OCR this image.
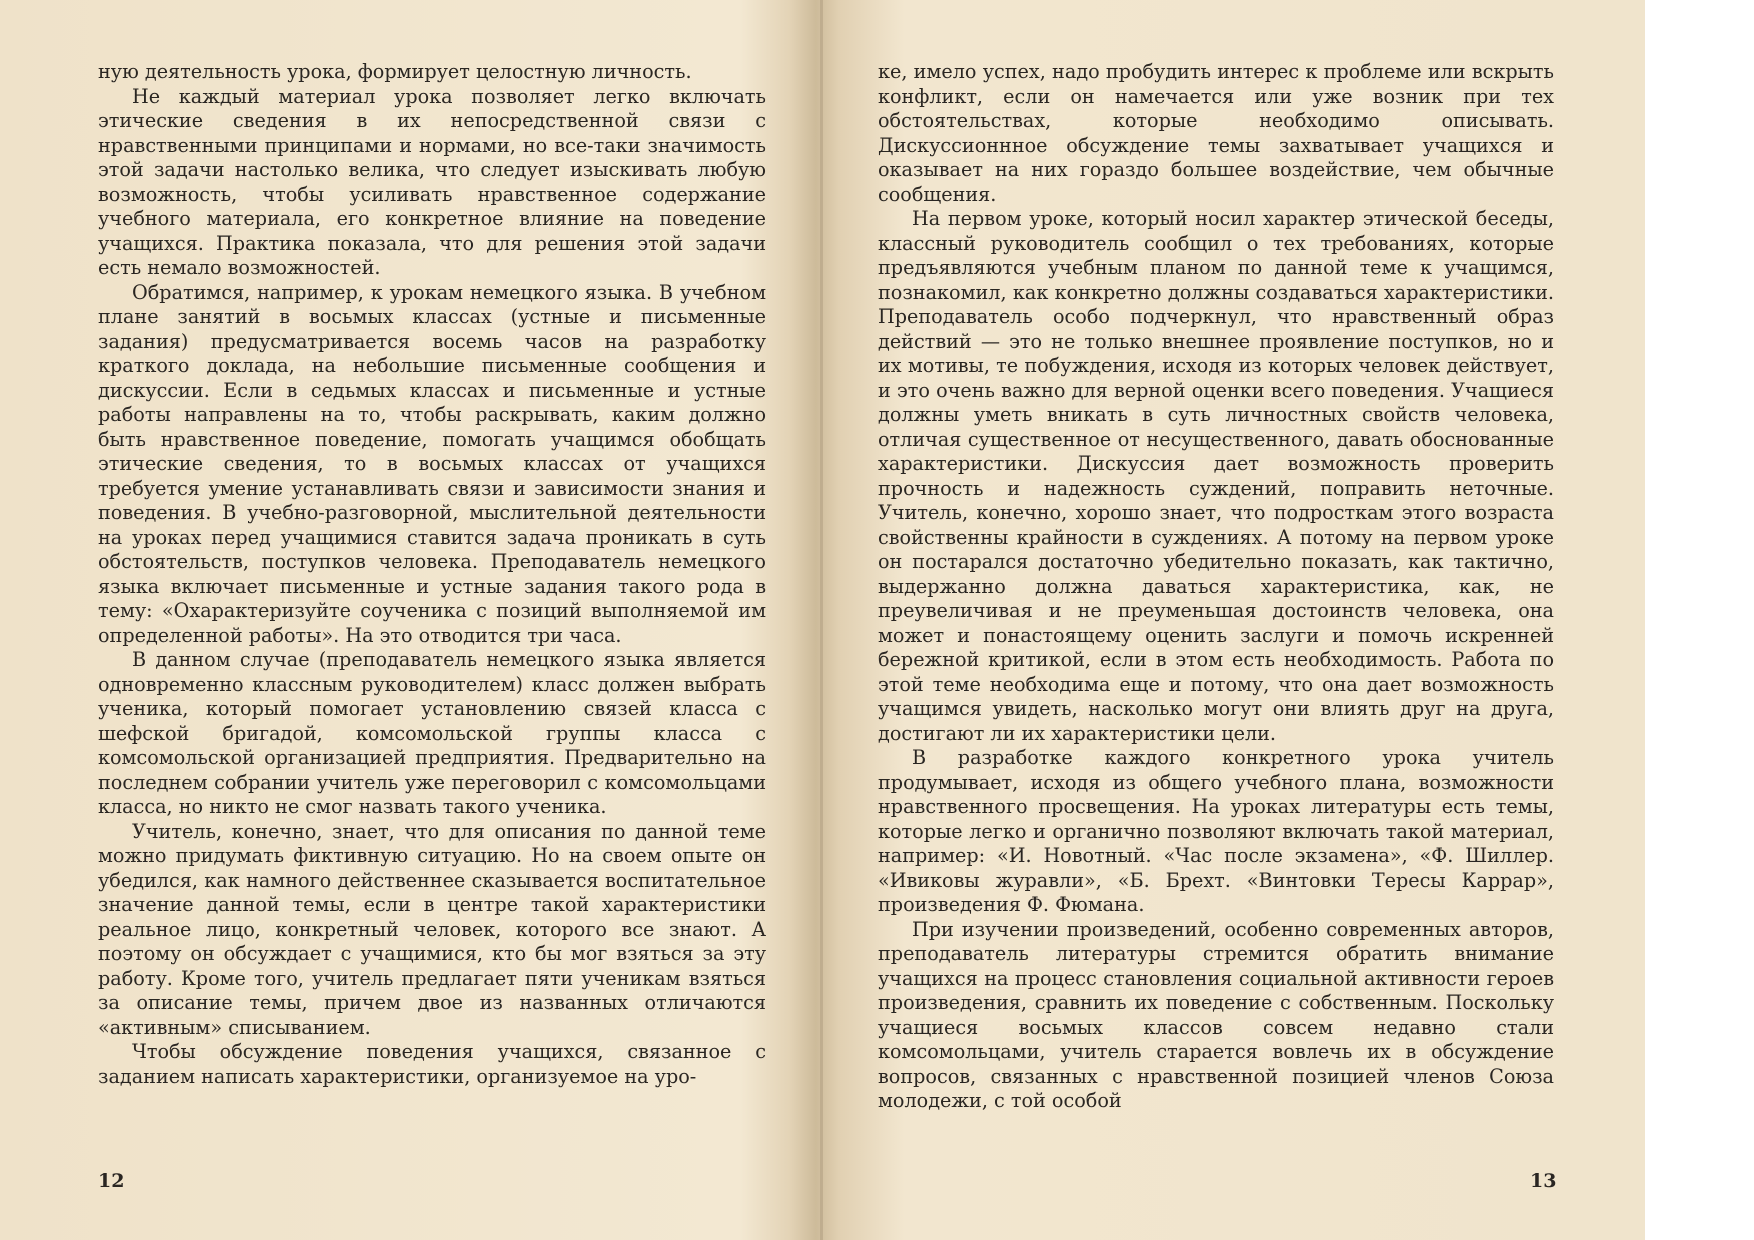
ную деятельность урока, формирует целостную личность.

Не каждый материал урока позволяет легко включать этические сведения в их непосредственной связи с нравственными принципами и нормами, но все-таки значимость этой задачи настолько велика, что следует изыскивать любую возможность, чтобы усиливать нравственное содержание учебного материала, его конкретное влияние на поведение учащихся. Практика показала, что для решения этой задачи есть немало возможностей.

Обратимся, например, к урокам немецкого языка. В учебном плане занятий в восьмых классах (устные и письменные задания) предусматривается восемь часов на разработку краткого доклада, на небольшие письменные сообщения и дискуссии. Если в седьмых классах и письменные и устные работы направлены на то, чтобы раскрывать, каким должно быть нравственное поведение, помогать учащимся обобщать этические сведения, то в восьмых классах от учащихся требуется умение устанавливать связи и зависимости знания и поведения. В учебно-разговорной, мыслительной деятельности на уроках перед учащимися ставится задача проникать в суть обстоятельств, поступков человека. Преподаватель немецкого языка включает письменные и устные задания такого рода в тему: «Охарактеризуйте соученика с позиций выполняемой им определенной работы». На это отводится три часа.

В данном случае (преподаватель немецкого языка является одновременно классным руководителем) класс должен выбрать ученика, который помогает установлению связей класса с шефской бригадой, комсомольской группы класса с комсомольской организацией предприятия. Предварительно на последнем собрании учитель уже переговорил с комсомольцами класса, но никто не смог назвать такого ученика.

Учитель, конечно, знает, что для описания по данной теме можно придумать фиктивную ситуацию. Но на своем опыте он убедился, как намного действеннее сказывается воспитательное значение данной темы, если в центре такой характеристики реальное лицо, конкретный человек, которого все знают. А поэтому он обсуждает с учащимися, кто бы мог взяться за эту работу. Кроме того, учитель предлагает пяти ученикам взяться за описание темы, причем двое из названных отличаются «активным» списыванием.

Чтобы обсуждение поведения учащихся, связанное с заданием написать характеристики, организуемое на уро-

12

ке, имело успех, надо пробудить интерес к проблеме или вскрыть конфликт, если он намечается или уже возник при тех обстоятельствах, которые необходимо описывать. Дискуссионнное обсуждение темы захватывает учащихся и оказывает на них гораздо большее воздействие, чем обычные сообщения.

На первом уроке, который носил характер этической беседы, классный руководитель сообщил о тех требованиях, которые предъявляются учебным планом по данной теме к учащимся, познакомил, как конкретно должны создаваться характеристики. Преподаватель особо подчеркнул, что нравственный образ действий — это не только внешнее проявление поступков, но и их мотивы, те побуждения, исходя из которых человек действует, и это очень важно для верной оценки всего поведения. Учащиеся должны уметь вникать в суть личностных свойств человека, отличая существенное от несущественного, давать обоснованные характеристики. Дискуссия дает возможность проверить прочность и надежность суждений, поправить неточные. Учитель, конечно, хорошо знает, что подросткам этого возраста свойственны крайности в суждениях. А потому на первом уроке он постарался достаточно убедительно показать, как тактично, выдержанно должна даваться характеристика, как, не преувеличивая и не преуменьшая достоинств человека, она может и понастоящему оценить заслуги и помочь искренней бережной критикой, если в этом есть необходимость. Работа по этой теме необходима еще и потому, что она дает возможность учащимся увидеть, насколько могут они влиять друг на друга, достигают ли их характеристики цели.

В разработке каждого конкретного урока учитель продумывает, исходя из общего учебного плана, возможности нравственного просвещения. На уроках литературы есть темы, которые легко и органично позволяют включать такой материал, например: «И. Новотный. «Час после экзамена», «Ф. Шиллер. «Ивиковы журавли», «Б. Брехт. «Винтовки Тересы Каррар», произведения Ф. Фюмана.

При изучении произведений, особенно современных авторов, преподаватель литературы стремится обратить внимание учащихся на процесс становления социальной активности героев произведения, сравнить их поведение с собственным. Поскольку учащиеся восьмых классов совсем недавно стали комсомольцами, учитель старается вовлечь их в обсуждение вопросов, связанных с нравственной позицией членов Союза молодежи, с той особой

13
